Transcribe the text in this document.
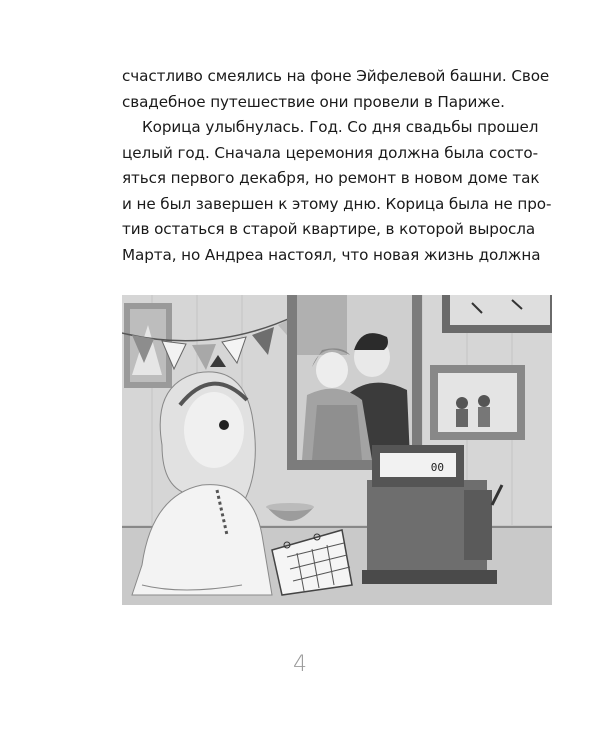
счастливо смеялись на фоне Эйфелевой башни. Свое
свадебное путешествие они провели в Париже.
Корица улыбнулась. Год. Со дня свадьбы прошел
целый год. Сначала церемония должна была состо-
яться первого декабря, но ремонт в новом доме так
и не был завершен к этому дню. Корица была не про-
тив остаться в старой квартире, в которой выросла
Марта, но Андреа настоял, что новая жизнь должна
00
4
